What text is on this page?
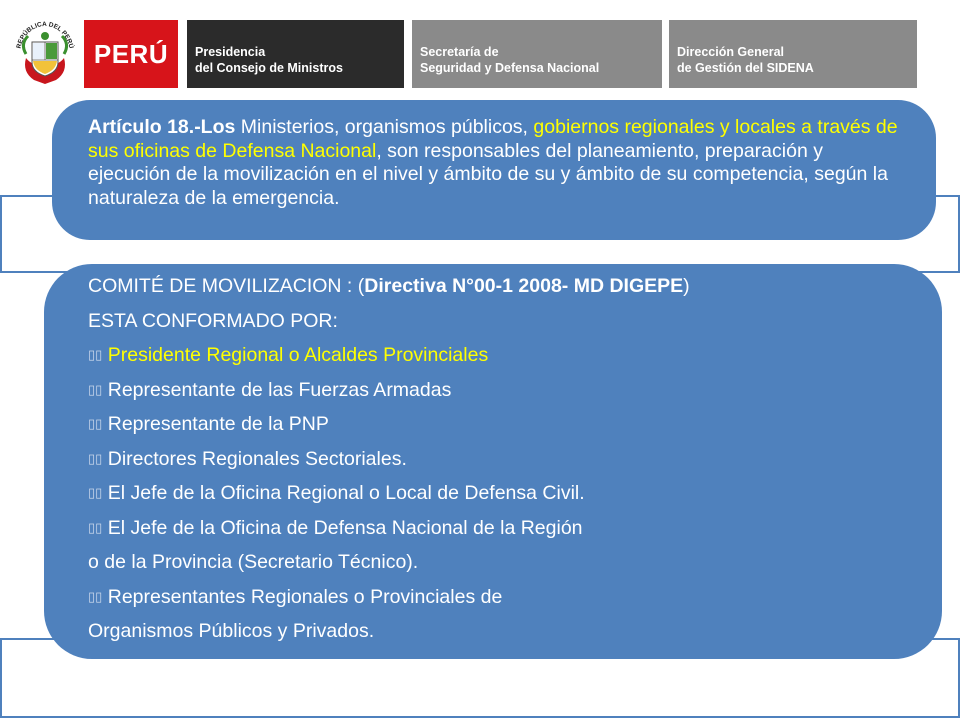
REPÚBLICA DEL PERÚ PERÚ Presidencia
del Consejo de Ministros
Secretaría de
Seguridad y Defensa Nacional
Dirección General
de Gestión del SIDENA
Artículo 18.-Los Ministerios, organismos públicos, gobiernos regionales y locales a través de sus oficinas de Defensa Nacional, son responsables del planeamiento, preparación y ejecución de la movilización en el nivel y ámbito de su y ámbito de su competencia, según la naturaleza de la emergencia.
COMITÉ DE MOVILIZACION : (Directiva N°00-1 2008- MD DIGEPE)
ESTA CONFORMADO POR:
▯▯ Presidente Regional o Alcaldes Provinciales
▯▯ Representante de las Fuerzas Armadas
▯▯ Representante de la PNP
▯▯ Directores Regionales Sectoriales.
▯▯ El Jefe de la Oficina Regional o Local de Defensa Civil.
▯▯ El Jefe de la Oficina de Defensa Nacional de la Región
o de la Provincia (Secretario Técnico).
▯▯ Representantes Regionales o Provinciales de
Organismos Públicos y Privados.
